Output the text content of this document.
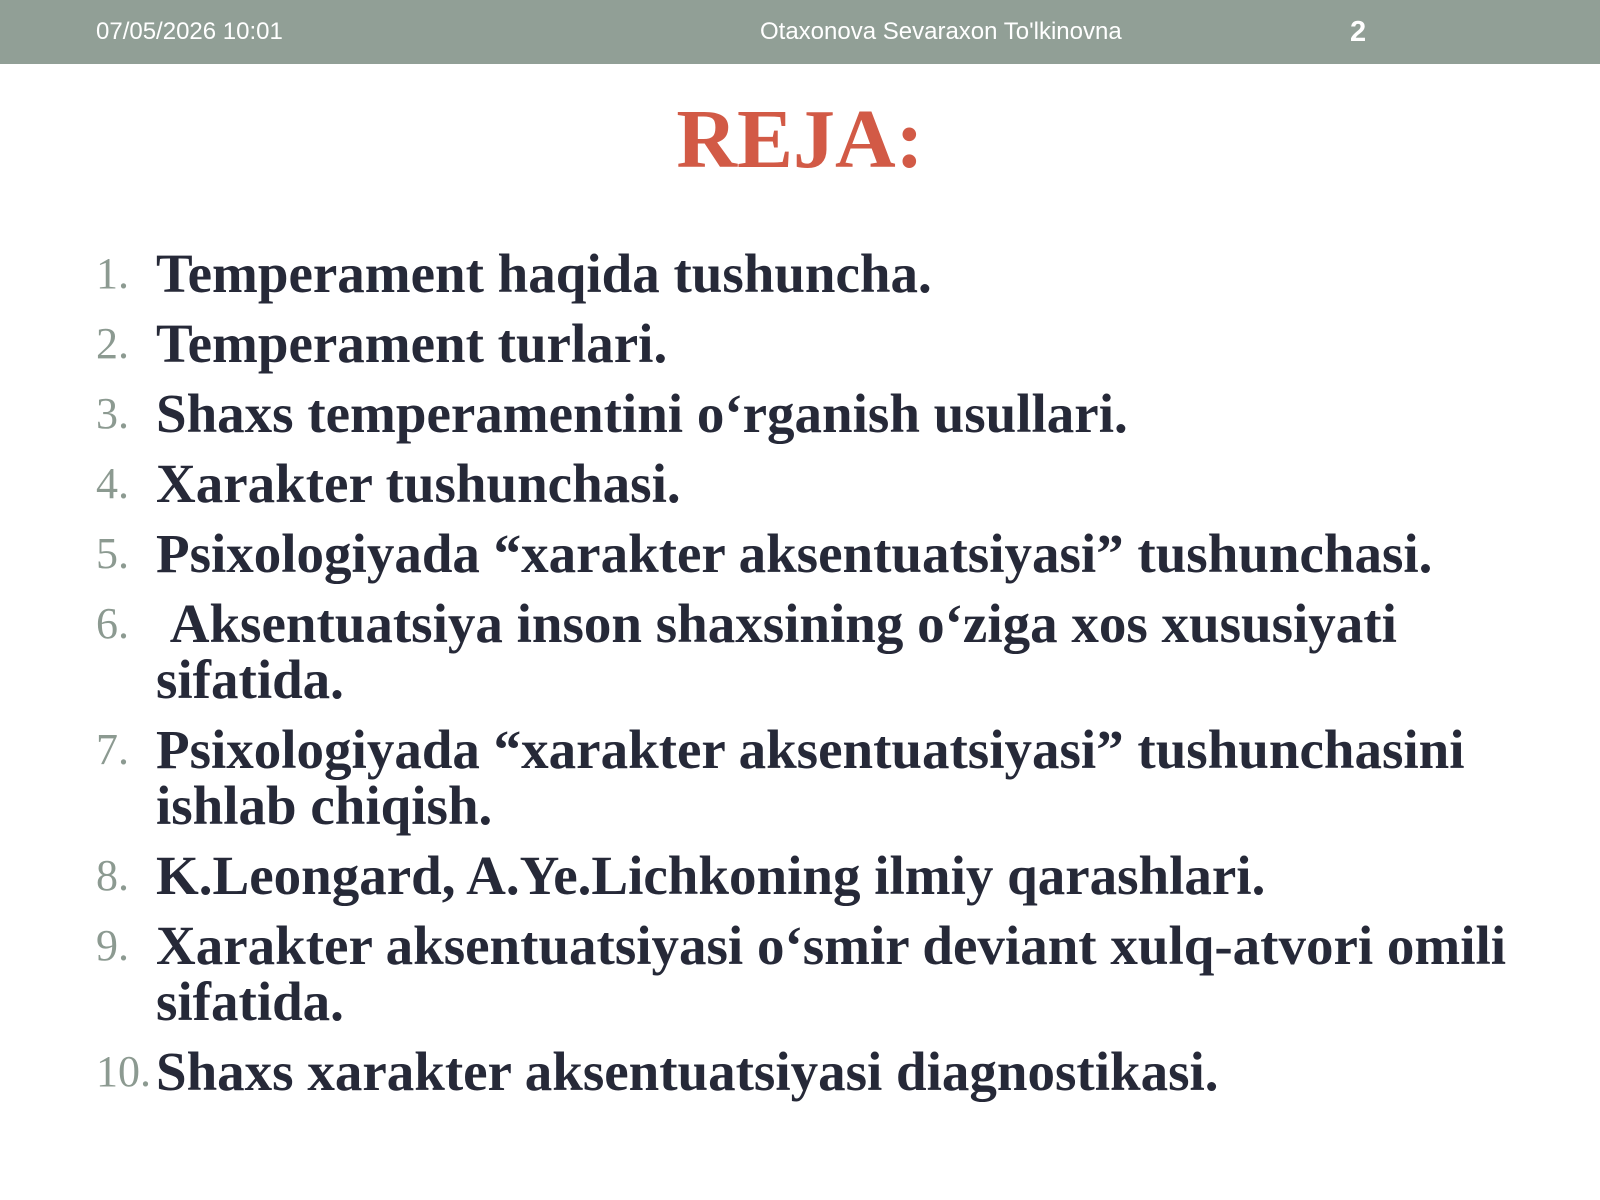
07/05/2026 10:01	Otaxonova Sevaraxon To'lkinovna	2
REJA:
1. Temperament haqida tushuncha.
2. Temperament turlari.
3. Shaxs temperamentini o‘rganish usullari.
4. Xarakter tushunchasi.
5. Psixologiyada “xarakter aksentuatsiyasi” tushunchasi.
6. Aksentuatsiya inson shaxsining o‘ziga xos xususiyati sifatida.
7. Psixologiyada “xarakter aksentuatsiyasi” tushunchasini ishlab chiqish.
8. K.Leongard, A.Ye.Lichkoning ilmiy qarashlari.
9. Xarakter aksentuatsiyasi o‘smir deviant xulq-atvori omili sifatida.
10. Shaxs xarakter aksentuatsiyasi diagnostikasi.
